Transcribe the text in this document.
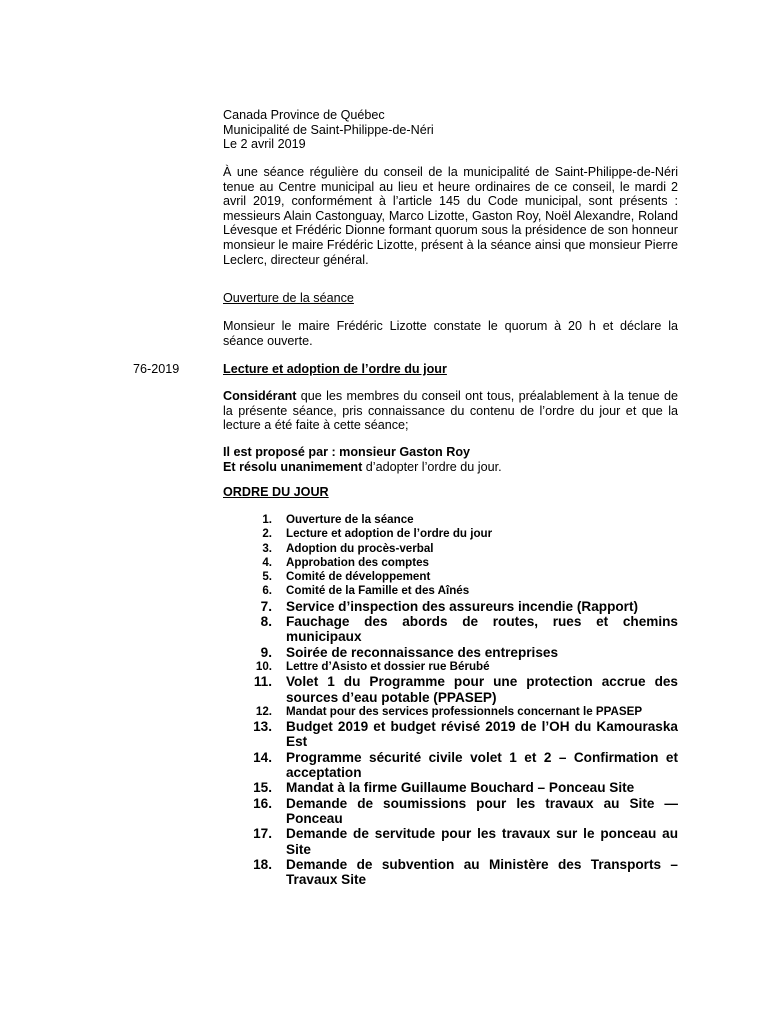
Canada Province de Québec
Municipalité de Saint-Philippe-de-Néri
Le 2 avril 2019
À une séance régulière du conseil de la municipalité de Saint-Philippe-de-Néri tenue au Centre municipal au lieu et heure ordinaires de ce conseil, le mardi 2 avril 2019, conformément à l’article 145 du Code municipal, sont présents : messieurs Alain Castonguay, Marco Lizotte, Gaston Roy, Noël Alexandre, Roland Lévesque et Frédéric Dionne formant quorum sous la présidence de son honneur monsieur le maire Frédéric Lizotte, présent à la séance ainsi que monsieur Pierre Leclerc, directeur général.
Ouverture de la séance
Monsieur le maire Frédéric Lizotte constate le quorum à 20 h et déclare la séance ouverte.
76-2019	Lecture et adoption de l’ordre du jour
Considérant que les membres du conseil ont tous, préalablement à la tenue de la présente séance, pris connaissance du contenu de l’ordre du jour et que la lecture a été faite à cette séance;
Il est proposé par : monsieur Gaston Roy
Et résolu unanimement d’adopter l’ordre du jour.
ORDRE DU JOUR
1.	Ouverture de la séance
2.	Lecture et adoption de l’ordre du jour
3.	Adoption du procès-verbal
4.	Approbation des comptes
5.	Comité de développement
6.	Comité de la Famille et des Aînés
7.	Service d’inspection des assureurs incendie (Rapport)
8.	Fauchage des abords de routes, rues et chemins municipaux
9.	Soirée de reconnaissance des entreprises
10.	Lettre d’Asisto et dossier rue Bérubé
11.	Volet 1 du Programme pour une protection accrue des sources d’eau potable (PPASEP)
12.	Mandat pour des services professionnels concernant le PPASEP
13.	Budget 2019 et budget révisé 2019 de l’OH du Kamouraska Est
14.	Programme sécurité civile volet 1 et 2 – Confirmation et acceptation
15.	Mandat à la firme Guillaume Bouchard – Ponceau Site
16.	Demande de soumissions pour les travaux au Site — Ponceau
17.	Demande de servitude pour les travaux sur le ponceau au Site
18.	Demande de subvention au Ministère des Transports – Travaux Site
